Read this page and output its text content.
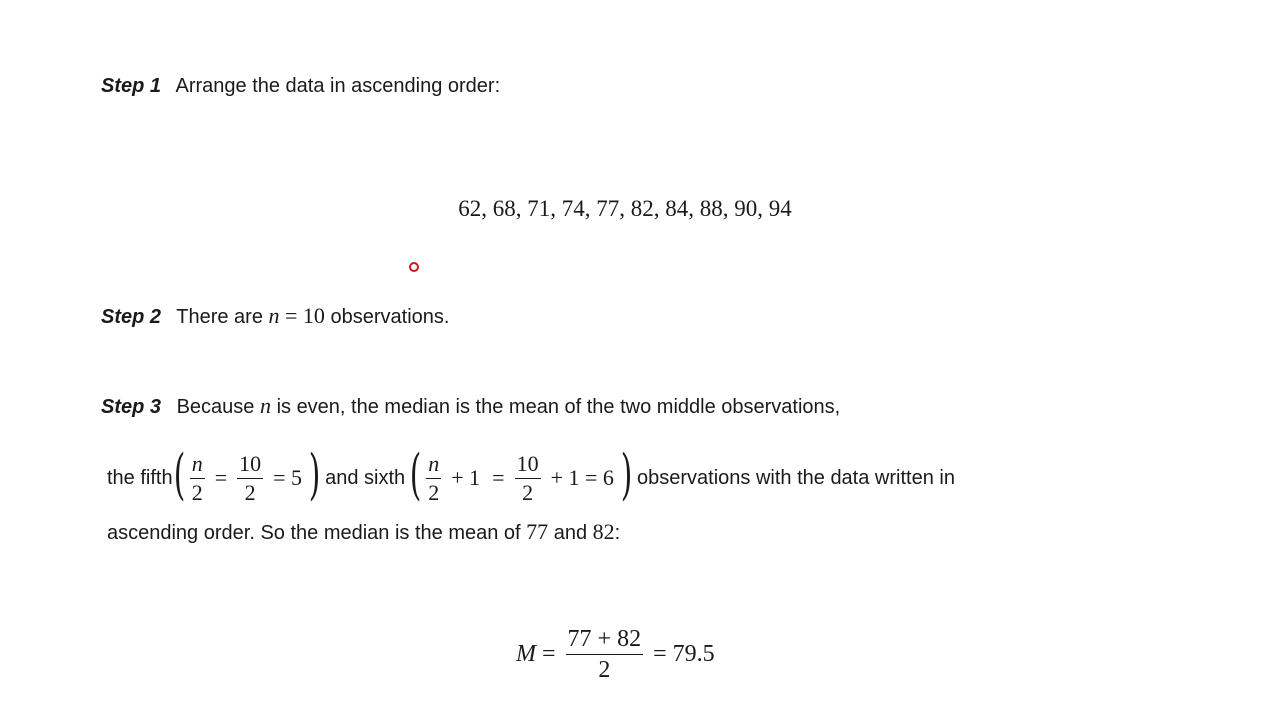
Step 1 Arrange the data in ascending order:
62, 68, 71, 74, 77, 82, 84, 88, 90, 94
Step 2 There are n = 10 observations.
Step 3 Because n is even, the median is the mean of the two middle observations,
the fifth ( $\frac{n}{2} = \frac{10}{2} = 5$ ) and sixth ( $\frac{n}{2} + 1 = \frac{10}{2} + 1 = 6$ ) observations with the data written in
ascending order. So the median is the mean of 77 and 82:
$M = \frac{77 + 82}{2} = 79.5$
